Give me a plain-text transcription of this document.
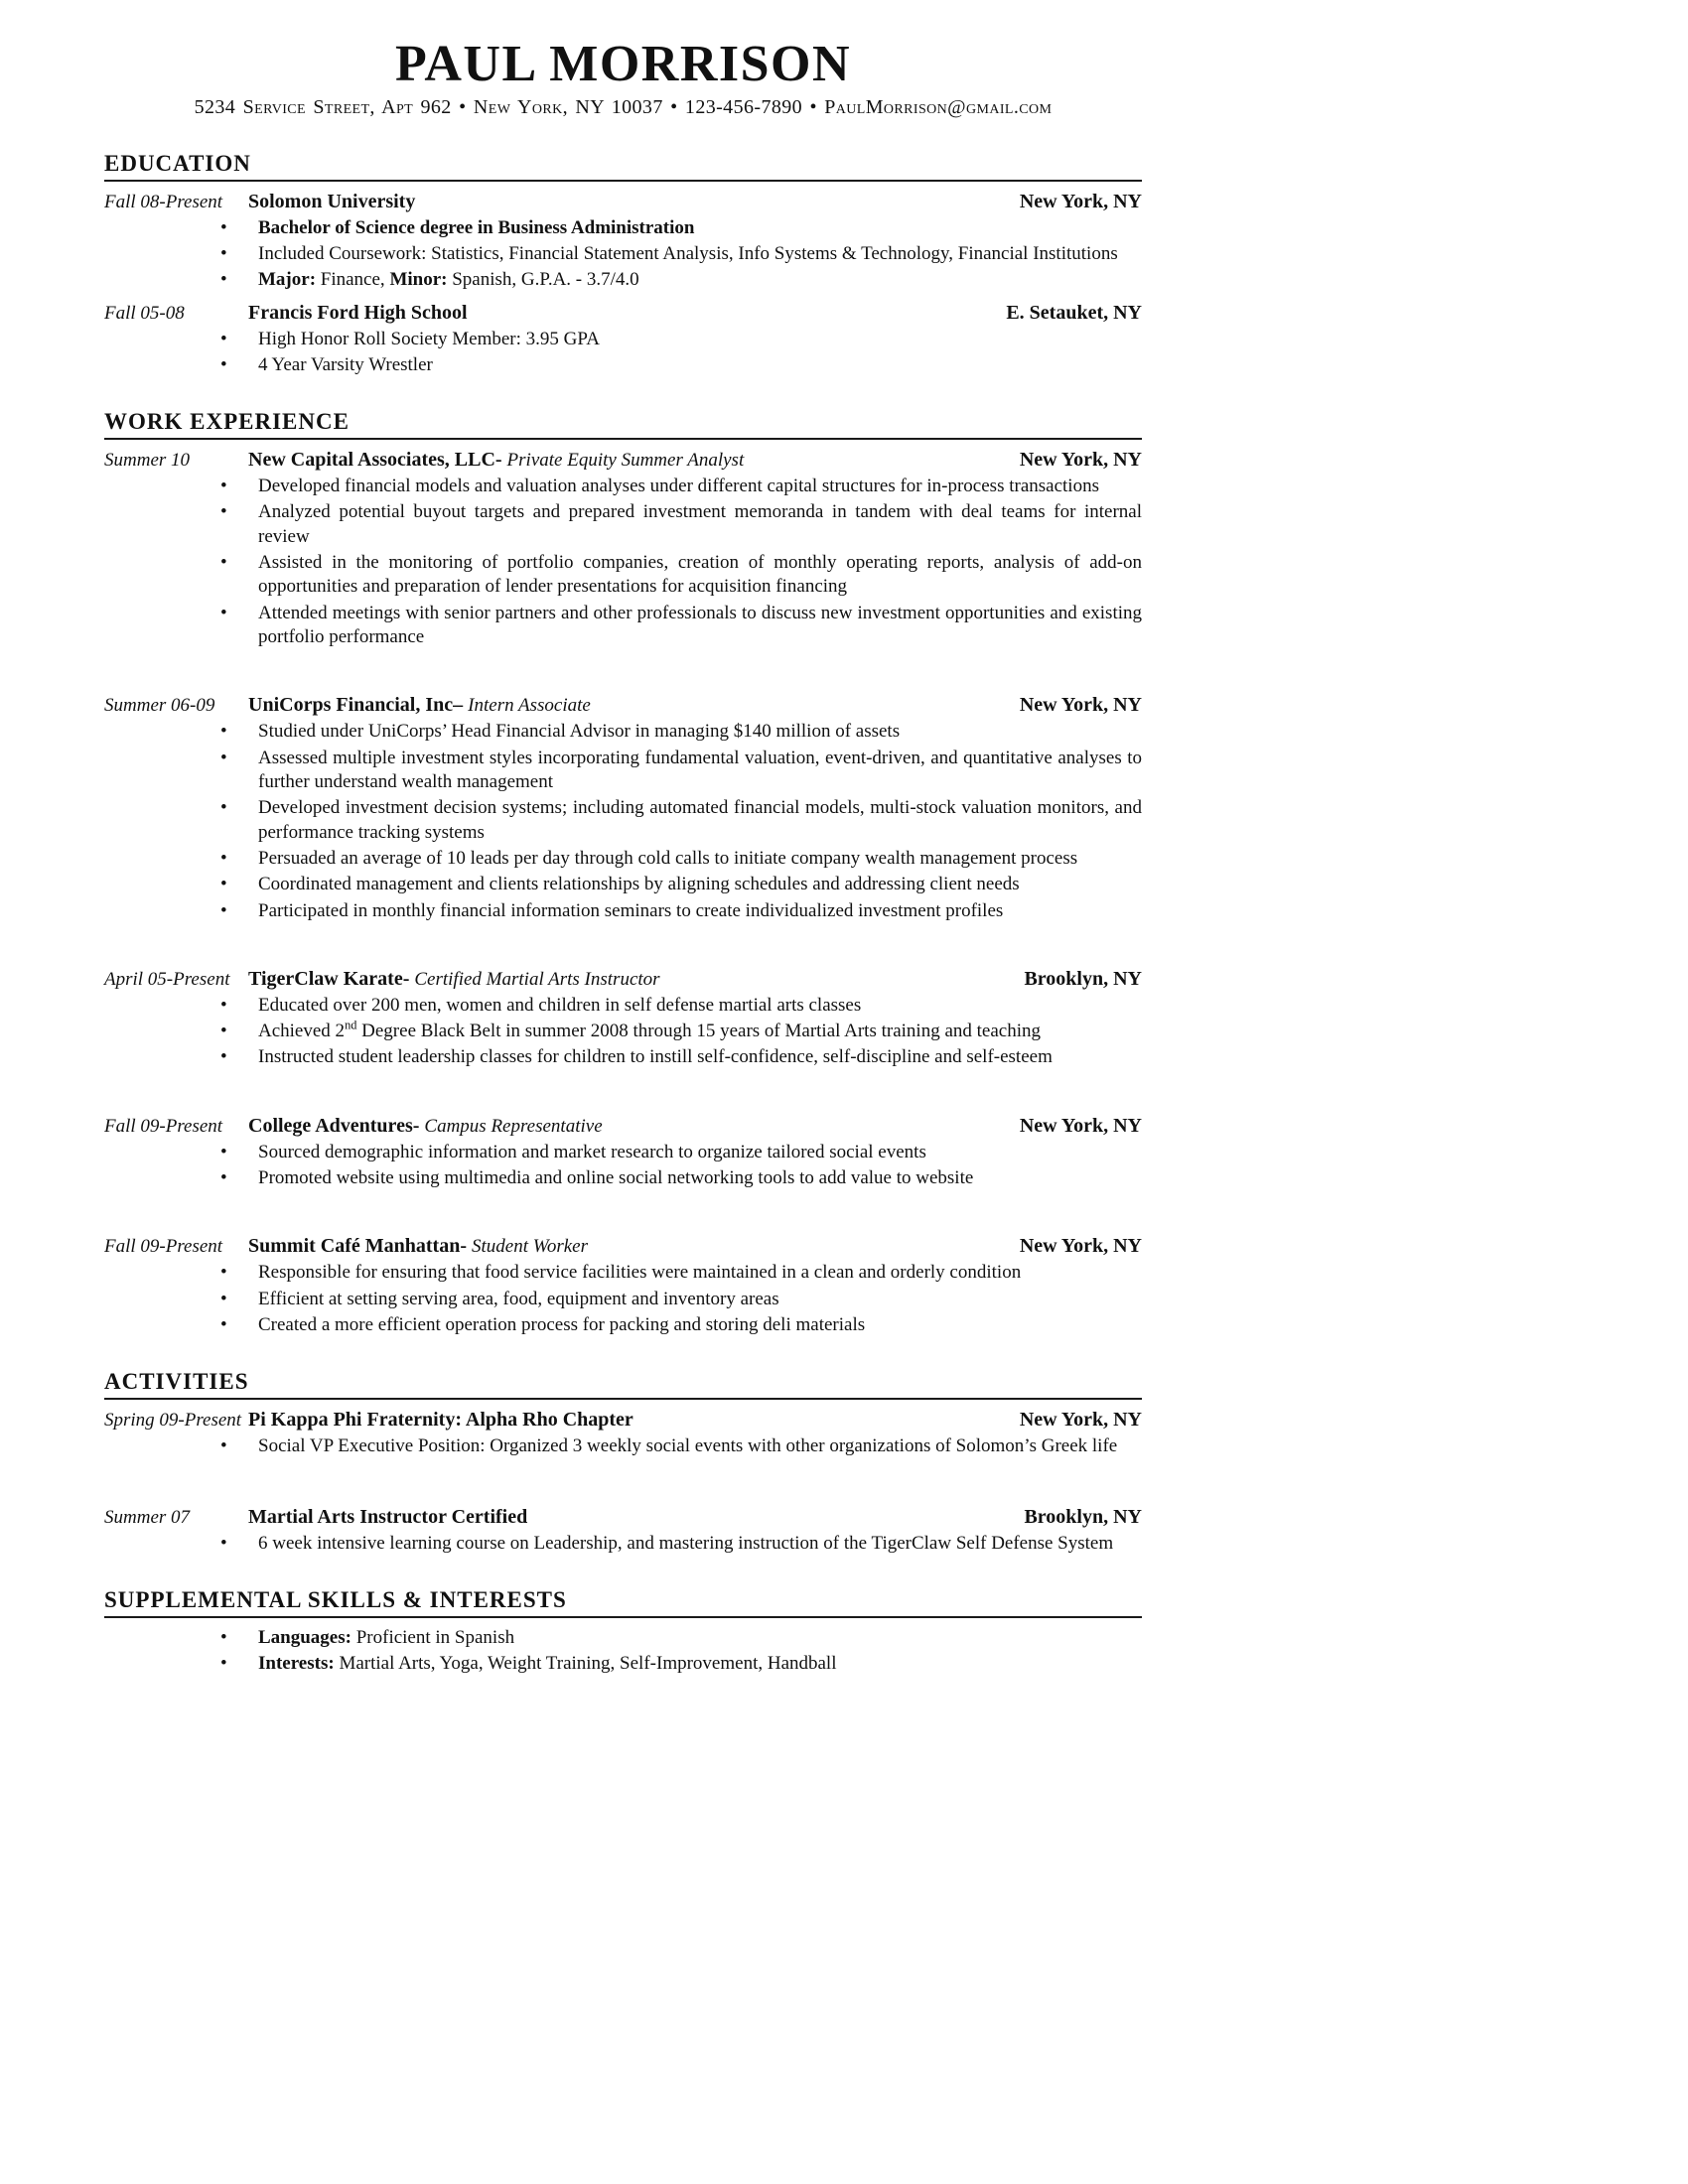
PAUL MORRISON
5234 Service Street, Apt 962 • New York, NY 10037 • 123-456-7890 • PaulMorrison@gmail.com
EDUCATION
Fall 08-Present	Solomon University	New York, NY
• Bachelor of Science degree in Business Administration
• Included Coursework: Statistics, Financial Statement Analysis, Info Systems & Technology, Financial Institutions
• Major: Finance, Minor: Spanish, G.P.A. - 3.7/4.0
Fall 05-08	Francis Ford High School	E. Setauket, NY
• High Honor Roll Society Member: 3.95 GPA
• 4 Year Varsity Wrestler
WORK EXPERIENCE
Summer 10	New Capital Associates, LLC- Private Equity Summer Analyst	New York, NY
• Developed financial models and valuation analyses under different capital structures for in-process transactions
• Analyzed potential buyout targets and prepared investment memoranda in tandem with deal teams for internal review
• Assisted in the monitoring of portfolio companies, creation of monthly operating reports, analysis of add-on opportunities and preparation of lender presentations for acquisition financing
• Attended meetings with senior partners and other professionals to discuss new investment opportunities and existing portfolio performance
Summer 06-09	UniCorps Financial, Inc– Intern Associate	New York, NY
• Studied under UniCorps’ Head Financial Advisor in managing $140 million of assets
• Assessed multiple investment styles incorporating fundamental valuation, event-driven, and quantitative analyses to further understand wealth management
• Developed investment decision systems; including automated financial models, multi-stock valuation monitors, and performance tracking systems
• Persuaded an average of 10 leads per day through cold calls to initiate company wealth management process
• Coordinated management and clients relationships by aligning schedules and addressing client needs
• Participated in monthly financial information seminars to create individualized investment profiles
April 05-Present TigerClaw Karate- Certified Martial Arts Instructor	Brooklyn, NY
• Educated over 200 men, women and children in self defense martial arts classes
• Achieved 2nd Degree Black Belt in summer 2008 through 15 years of Martial Arts training and teaching
• Instructed student leadership classes for children to instill self-confidence, self-discipline and self-esteem
Fall 09-Present	College Adventures- Campus Representative	New York, NY
• Sourced demographic information and market research to organize tailored social events
• Promoted website using multimedia and online social networking tools to add value to website
Fall 09-Present	Summit Café Manhattan- Student Worker	New York, NY
• Responsible for ensuring that food service facilities were maintained in a clean and orderly condition
• Efficient at setting serving area, food, equipment and inventory areas
• Created a more efficient operation process for packing and storing deli materials
ACTIVITIES
Spring 09-Present Pi Kappa Phi Fraternity: Alpha Rho Chapter	New York, NY
• Social VP Executive Position: Organized 3 weekly social events with other organizations of Solomon’s Greek life
Summer 07	Martial Arts Instructor Certified	Brooklyn, NY
• 6 week intensive learning course on Leadership, and mastering instruction of the TigerClaw Self Defense System
SUPPLEMENTAL SKILLS & INTERESTS
• Languages: Proficient in Spanish
• Interests: Martial Arts, Yoga, Weight Training, Self-Improvement, Handball
